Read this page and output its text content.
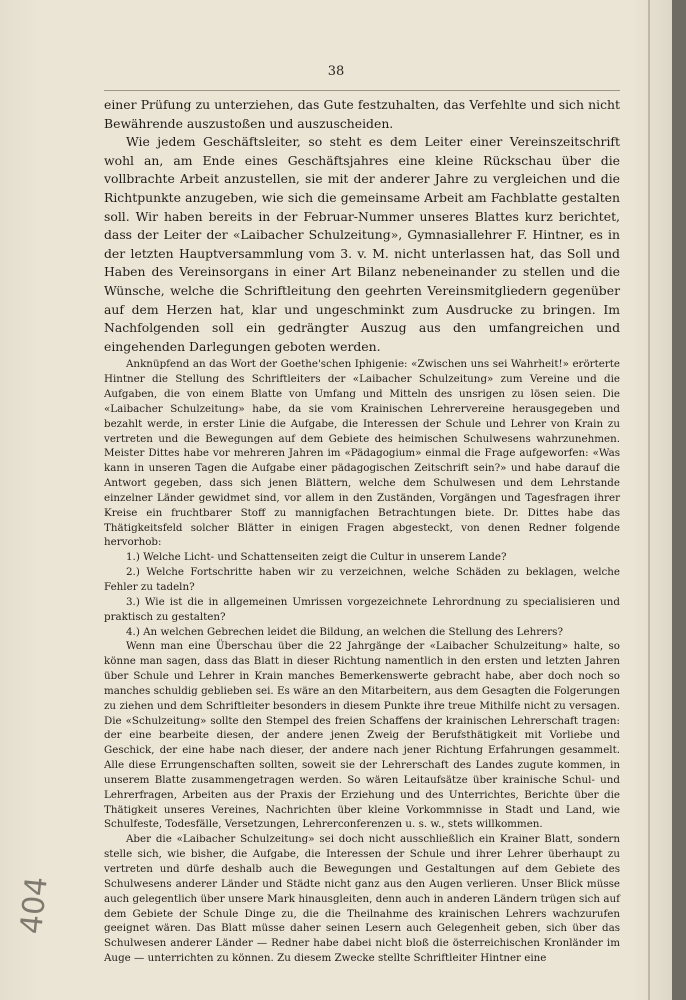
38

einer Prüfung zu unterziehen, das Gute festzuhalten, das Verfehlte und sich nicht Bewährende auszustoßen und auszuscheiden.

Wie jedem Geschäftsleiter, so steht es dem Leiter einer Vereinszeitschrift wohl an, am Ende eines Geschäftsjahres eine kleine Rückschau über die vollbrachte Arbeit anzustellen, sie mit der anderer Jahre zu vergleichen und die Richtpunkte anzugeben, wie sich die gemeinsame Arbeit am Fachblatte gestalten soll. Wir haben bereits in der Februar-Nummer unseres Blattes kurz berichtet, dass der Leiter der «Laibacher Schulzeitung», Gymnasiallehrer F. Hintner, es in der letzten Hauptversammlung vom 3. v. M. nicht unterlassen hat, das Soll und Haben des Vereinsorgans in einer Art Bilanz nebeneinander zu stellen und die Wünsche, welche die Schriftleitung den geehrten Vereinsmitgliedern gegenüber auf dem Herzen hat, klar und ungeschminkt zum Ausdrucke zu bringen. Im Nachfolgenden soll ein gedrängter Auszug aus den umfangreichen und eingehenden Darlegungen geboten werden.

Anknüpfend an das Wort der Goethe'schen Iphigenie: «Zwischen uns sei Wahrheit!» erörterte Hintner die Stellung des Schriftleiters der «Laibacher Schulzeitung» zum Vereine und die Aufgaben, die von einem Blatte von Umfang und Mitteln des unsrigen zu lösen seien. Die «Laibacher Schulzeitung» habe, da sie vom Krainischen Lehrervereine herausgegeben und bezahlt werde, in erster Linie die Aufgabe, die Interessen der Schule und Lehrer von Krain zu vertreten und die Bewegungen auf dem Gebiete des heimischen Schulwesens wahrzunehmen. Meister Dittes habe vor mehreren Jahren im «Pädagogium» einmal die Frage aufgeworfen: «Was kann in unseren Tagen die Aufgabe einer pädagogischen Zeitschrift sein?» und habe darauf die Antwort gegeben, dass sich jenen Blättern, welche dem Schulwesen und dem Lehrstande einzelner Länder gewidmet sind, vor allem in den Zuständen, Vorgängen und Tagesfragen ihrer Kreise ein fruchtbarer Stoff zu mannigfachen Betrachtungen biete. Dr. Dittes habe das Thätigkeitsfeld solcher Blätter in einigen Fragen abgesteckt, von denen Redner folgende hervorhob:

1.) Welche Licht- und Schattenseiten zeigt die Cultur in unserem Lande?

2.) Welche Fortschritte haben wir zu verzeichnen, welche Schäden zu beklagen, welche Fehler zu tadeln?

3.) Wie ist die in allgemeinen Umrissen vorgezeichnete Lehrordnung zu specialisieren und praktisch zu gestalten?

4.) An welchen Gebrechen leidet die Bildung, an welchen die Stellung des Lehrers?

Wenn man eine Überschau über die 22 Jahrgänge der «Laibacher Schulzeitung» halte, so könne man sagen, dass das Blatt in dieser Richtung namentlich in den ersten und letzten Jahren über Schule und Lehrer in Krain manches Bemerkenswerte gebracht habe, aber doch noch so manches schuldig geblieben sei. Es wäre an den Mitarbeitern, aus dem Gesagten die Folgerungen zu ziehen und dem Schriftleiter besonders in diesem Punkte ihre treue Mithilfe nicht zu versagen. Die «Schulzeitung» sollte den Stempel des freien Schaffens der krainischen Lehrerschaft tragen: der eine bearbeite diesen, der andere jenen Zweig der Berufsthätigkeit mit Vorliebe und Geschick, der eine habe nach dieser, der andere nach jener Richtung Erfahrungen gesammelt. Alle diese Errungenschaften sollten, soweit sie der Lehrerschaft des Landes zugute kommen, in unserem Blatte zusammengetragen werden. So wären Leitaufsätze über krainische Schul- und Lehrerfragen, Arbeiten aus der Praxis der Erziehung und des Unterrichtes, Berichte über die Thätigkeit unseres Vereines, Nachrichten über kleine Vorkommnisse in Stadt und Land, wie Schulfeste, Todesfälle, Versetzungen, Lehrerconferenzen u. s. w., stets willkommen.

Aber die «Laibacher Schulzeitung» sei doch nicht ausschließlich ein Krainer Blatt, sondern stelle sich, wie bisher, die Aufgabe, die Interessen der Schule und ihrer Lehrer überhaupt zu vertreten und dürfe deshalb auch die Bewegungen und Gestaltungen auf dem Gebiete des Schulwesens anderer Länder und Städte nicht ganz aus den Augen verlieren. Unser Blick müsse auch gelegentlich über unsere Mark hinausgleiten, denn auch in anderen Ländern trügen sich auf dem Gebiete der Schule Dinge zu, die die Theilnahme des krainischen Lehrers wachzurufen geeignet wären. Das Blatt müsse daher seinen Lesern auch Gelegenheit geben, sich über das Schulwesen anderer Länder — Redner habe dabei nicht bloß die österreichischen Kronländer im Auge — unterrichten zu können. Zu diesem Zwecke stellte Schriftleiter Hintner eine

404
